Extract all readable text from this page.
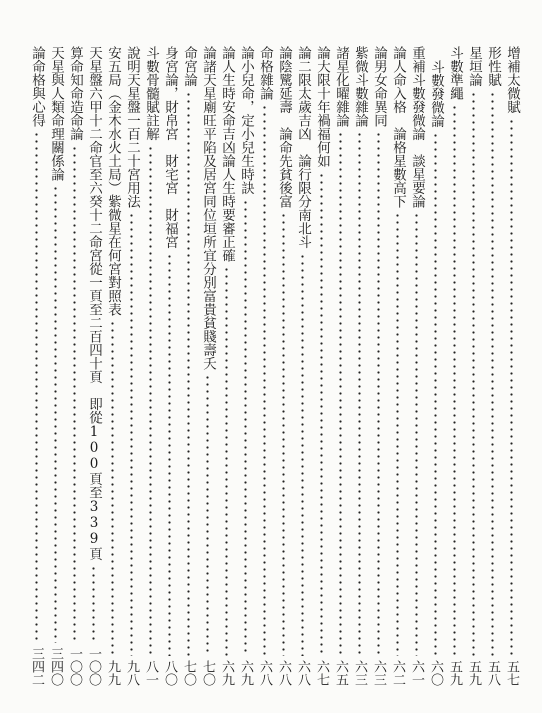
增補太微賦
五七
形性賦
五八
星垣論
五九
斗數準繩
五九
斗數發微論
六〇
重補斗數發微論　談星要論
六一
論人命入格　論格星數高下
六二
論男女命異同
六三
紫微斗數雜論
六三
諸星化曜雜論
六五
論大限十年禍福何如
六七
論二限太歲吉凶　論行限分南北斗
六八
論陰騭延壽　論命先貧後富
六八
命格雜論
六八
論小兒命，定小兒生時訣
六九
論人生時安命吉凶論人生時要審正確
六九
論諸天星廟旺平陷及居宮同位垣所宜分別富貴貧賤壽夭
七〇
命宮論
七〇
身宮論，財帛宮　財宅宮　財福宮
八〇
斗數骨髓賦註解
八一
說明天星盤一百二十宮用法
九八
安五局（金木水火土局）紫微星在何宮對照表
九九
天星盤六甲十二命官至六癸十二命宮從一頁至二百四十頁　即從100頁至339頁
一〇〇
算命知命造命論
一〇〇
天星與人類命理關係論
三四〇
論命格與心得
三四二
